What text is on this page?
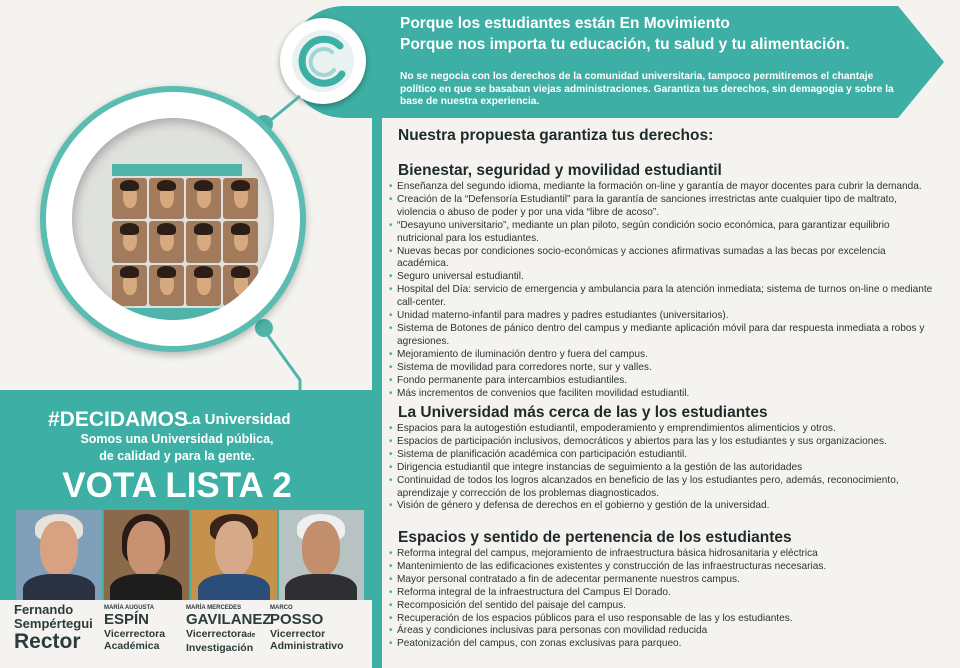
Porque los estudiantes están En Movimiento
Porque nos importa tu educación, tu salud y tu alimentación.
No se negocia con los derechos de la comunidad universitaria, tampoco permitiremos el chantaje político en que se basaban viejas administraciones. Garantiza tus derechos, sin demagogia y sobre la base de nuestra experiencia.
#DECIDAMOS
La Universidad
Somos una Universidad pública,
de calidad y para la gente.
VOTA LISTA 2
Fernando
Sempértegui
Rector
MARÍA AUGUSTA
ESPÍN
Vicerrectora
Académica
MARÍA MERCEDES
GAVILANEZ
Vicerrectorade
Investigación
MARCO
POSSO
Vicerrector
Administrativo
Nuestra propuesta garantiza tus derechos:
Bienestar, seguridad y movilidad estudiantil
• Enseñanza del segundo idioma, mediante la formación on-line y garantía de mayor docentes para cubrir la demanda.
• Creación de la “Defensoría Estudiantil” para la garantía de sanciones irrestrictas ante cualquier tipo de maltrato, violencia o abuso de poder y por una vida “libre de acoso”.
• “Desayuno universitario”, mediante un plan piloto, según condición socio económica, para garantizar equilibrio nutricional para los estudiantes.
• Nuevas becas por condiciones socio-económicas y acciones afirmativas sumadas a las becas por excelencia académica.
• Seguro universal estudiantil.
• Hospital del Día: servicio de emergencia y ambulancia para la atención inmediata; sistema de turnos on-line o mediante call-center.
• Unidad materno-infantil para madres y padres estudiantes (universitarios).
• Sistema de Botones de pánico dentro del campus y mediante aplicación móvil para dar respuesta inmediata a robos y agresiones.
• Mejoramiento de iluminación dentro y fuera del campus.
• Sistema de movilidad para corredores norte, sur y valles.
• Fondo permanente para intercambios estudiantiles.
• Más incrementos de convenios que faciliten movilidad estudiantil.
La Universidad más cerca de las y los estudiantes
• Espacios para la autogestión estudiantil, empoderamiento y emprendimientos alimenticios y otros.
• Espacios de participación inclusivos, democráticos y abiertos para las y los estudiantes y sus organizaciones.
• Sistema de planificación académica con participación estudiantil.
• Dirigencia estudiantil que integre instancias de seguimiento a la gestión de las autoridades
• Continuidad de todos los logros alcanzados en beneficio de las y los estudiantes pero, además, reconocimiento, aprendizaje y corrección de los problemas diagnosticados.
• Visión de género y defensa de derechos en el gobierno y gestión de la universidad.
Espacios y sentido de pertenencia de los estudiantes
• Reforma integral del campus, mejoramiento de infraestructura básica hidrosanitaria y eléctrica
• Mantenimiento de las edificaciones existentes y construcción de las infraestructuras necesarias.
• Mayor personal contratado a fin de adecentar permanente nuestros campus.
• Reforma integral de la infraestructura del Campus El Dorado.
• Recomposición del sentido del paisaje del campus.
• Recuperación de los espacios públicos para el uso responsable de las y los estudiantes.
• Áreas y condiciones inclusivas para personas con movilidad reducida
• Peatonización del campus, con zonas exclusivas para parqueo.
